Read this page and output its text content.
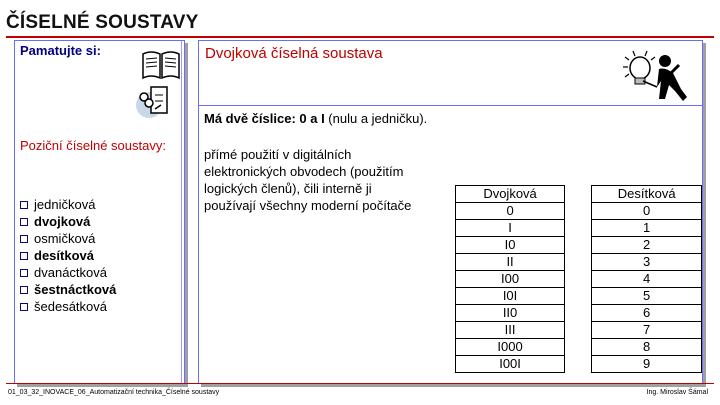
ČÍSELNÉ SOUSTAVY
Pamatujte si:
Poziční číselné soustavy:
jedničková
dvojková
osmičková
desítková
dvanáctková
šestnáctková
šedesátková
Dvojková číselná soustava
Má dvě číslice: 0 a I (nulu a jedničku).
přímé použití v digitálních elektronických obvodech (použitím logických členů), čili interně ji používají všechny moderní počítače
Dvojková		Desítková
0		0
I		1
I0		2
II		3
I00		4
I0I		5
II0		6
III		7
I000		8
I00I		9
01_03_32_INOVACE_06_Automatizační technika_Číselné soustavy	Ing. Miroslav Šámal
